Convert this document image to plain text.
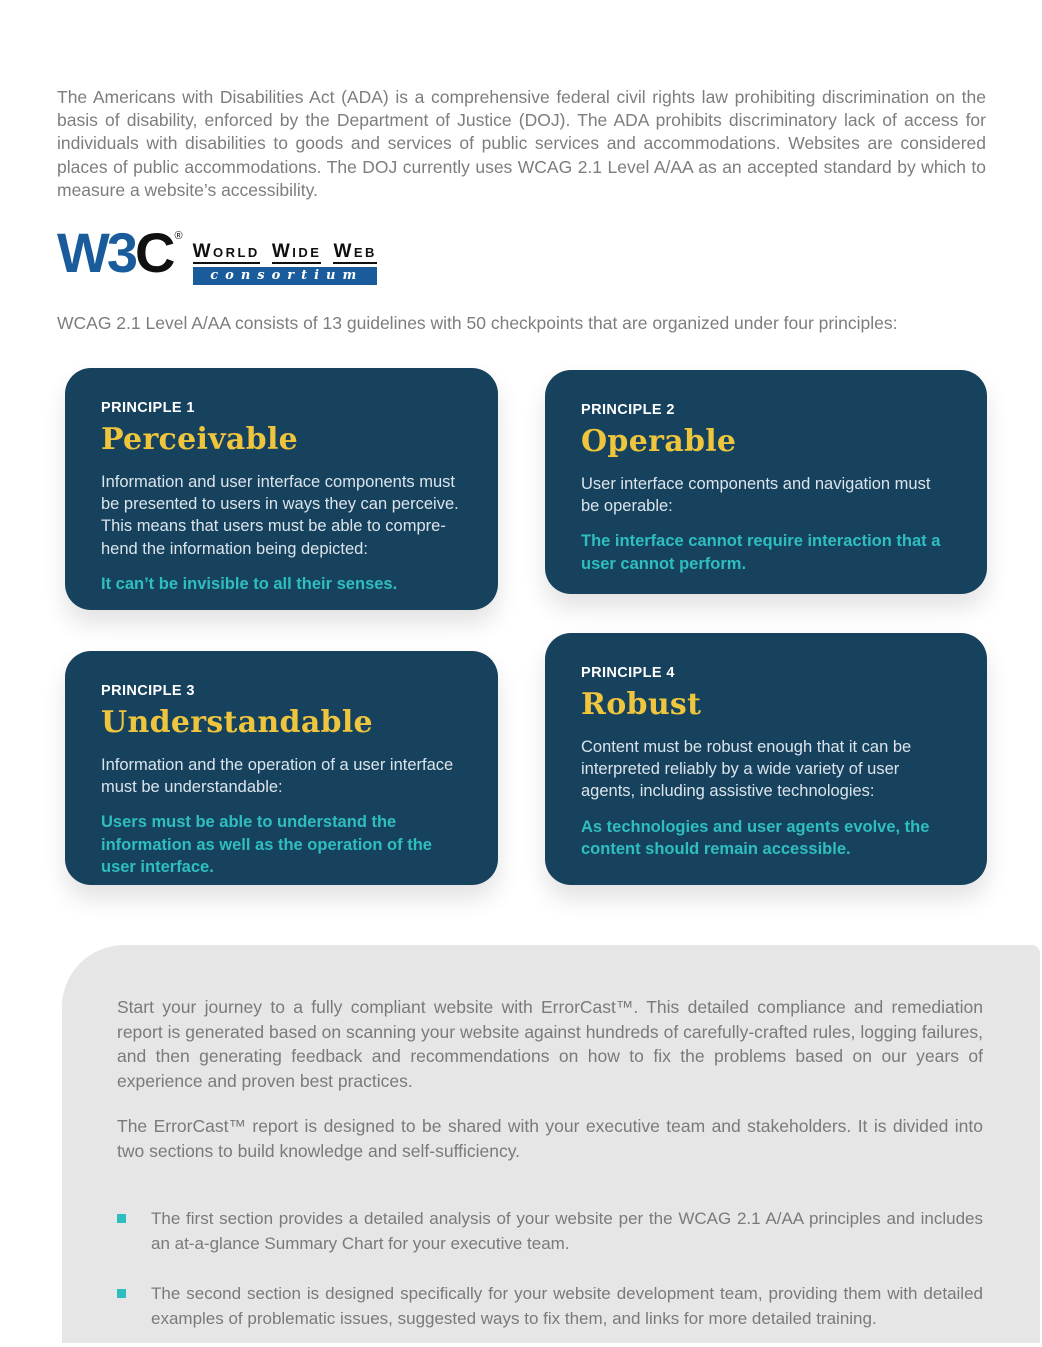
The Americans with Disabilities Act (ADA) is a comprehensive federal civil rights law prohibiting discrimination on the basis of disability, enforced by the Department of Justice (DOJ). The ADA prohibits discriminatory lack of access for individuals with disabilities to goods and services of public services and accommodations. Websites are considered places of public accommodations. The DOJ currently uses WCAG 2.1 Level A/AA as an accepted standard by which to measure a website’s accessibility.

W3 C ®
World Wide Web
consortium

WCAG 2.1 Level A/AA consists of 13 guidelines with 50 checkpoints that are organized under four principles:

PRINCIPLE 1
Perceivable
Information and user interface components must be presented to users in ways they can perceive. This means that users must be able to comprehend the information being depicted:
It can’t be invisible to all their senses.
PRINCIPLE 2
Operable
User interface components and navigation must be operable:
The interface cannot require interaction that a user cannot perform.
PRINCIPLE 3
Understandable
Information and the operation of a user interface must be understandable:
Users must be able to understand the information as well as the operation of the user interface.
PRINCIPLE 4
Robust
Content must be robust enough that it can be interpreted reliably by a wide variety of user agents, including assistive technologies:
As technologies and user agents evolve, the content should remain accessible.

Start your journey to a fully compliant website with ErrorCast™. This detailed compliance and remediation report is generated based on scanning your website against hundreds of carefully-crafted rules, logging failures, and then generating feedback and recommendations on how to fix the problems based on our years of experience and proven best practices.

The ErrorCast™ report is designed to be shared with your executive team and stakeholders. It is divided into two sections to build knowledge and self-sufficiency.

The first section provides a detailed analysis of your website per the WCAG 2.1 A/AA principles and includes an at-a-glance Summary Chart for your executive team.
The second section is designed specifically for your website development team, providing them with detailed examples of problematic issues, suggested ways to fix them, and links for more detailed training.
